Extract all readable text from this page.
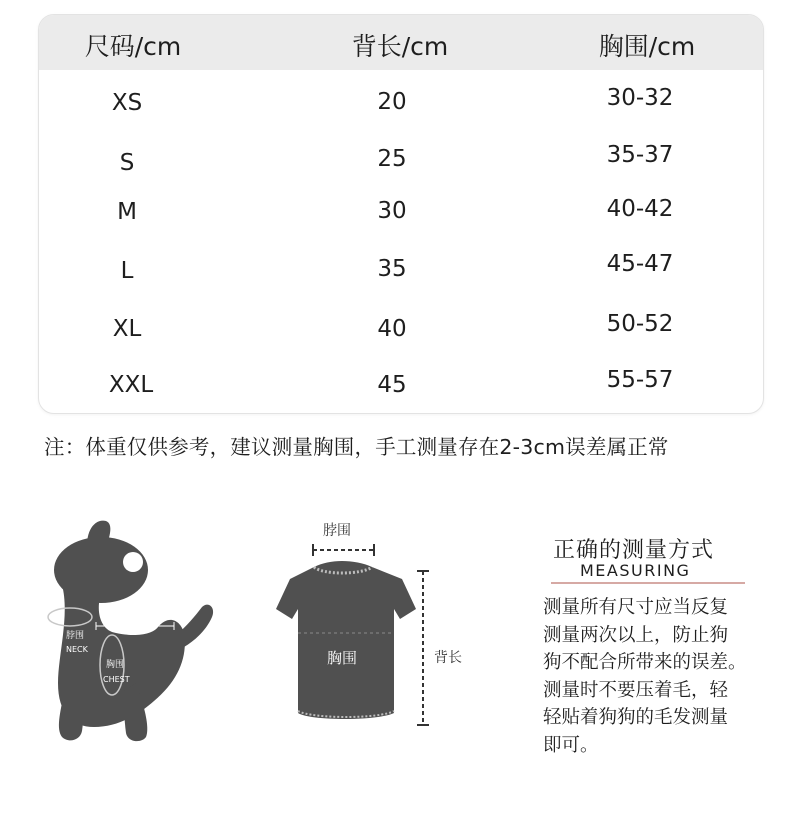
尺码/cm	背长/cm	胸围/cm
XS	20	30-32
S	25	35-37
M	30	40-42
L	35	45-47
XL	40	50-52
XXL	45	55-57
注：体重仅供参考，建议测量胸围，手工测量存在2-3cm误差属正常
LENGTH背长
脖围
NECK
胸围
CHEST
脖围
胸围	背长
正确的测量方式
MEASURING
测量所有尺寸应当反复
测量两次以上，防止狗
狗不配合所带来的误差。
测量时不要压着毛，轻
轻贴着狗狗的毛发测量
即可。
